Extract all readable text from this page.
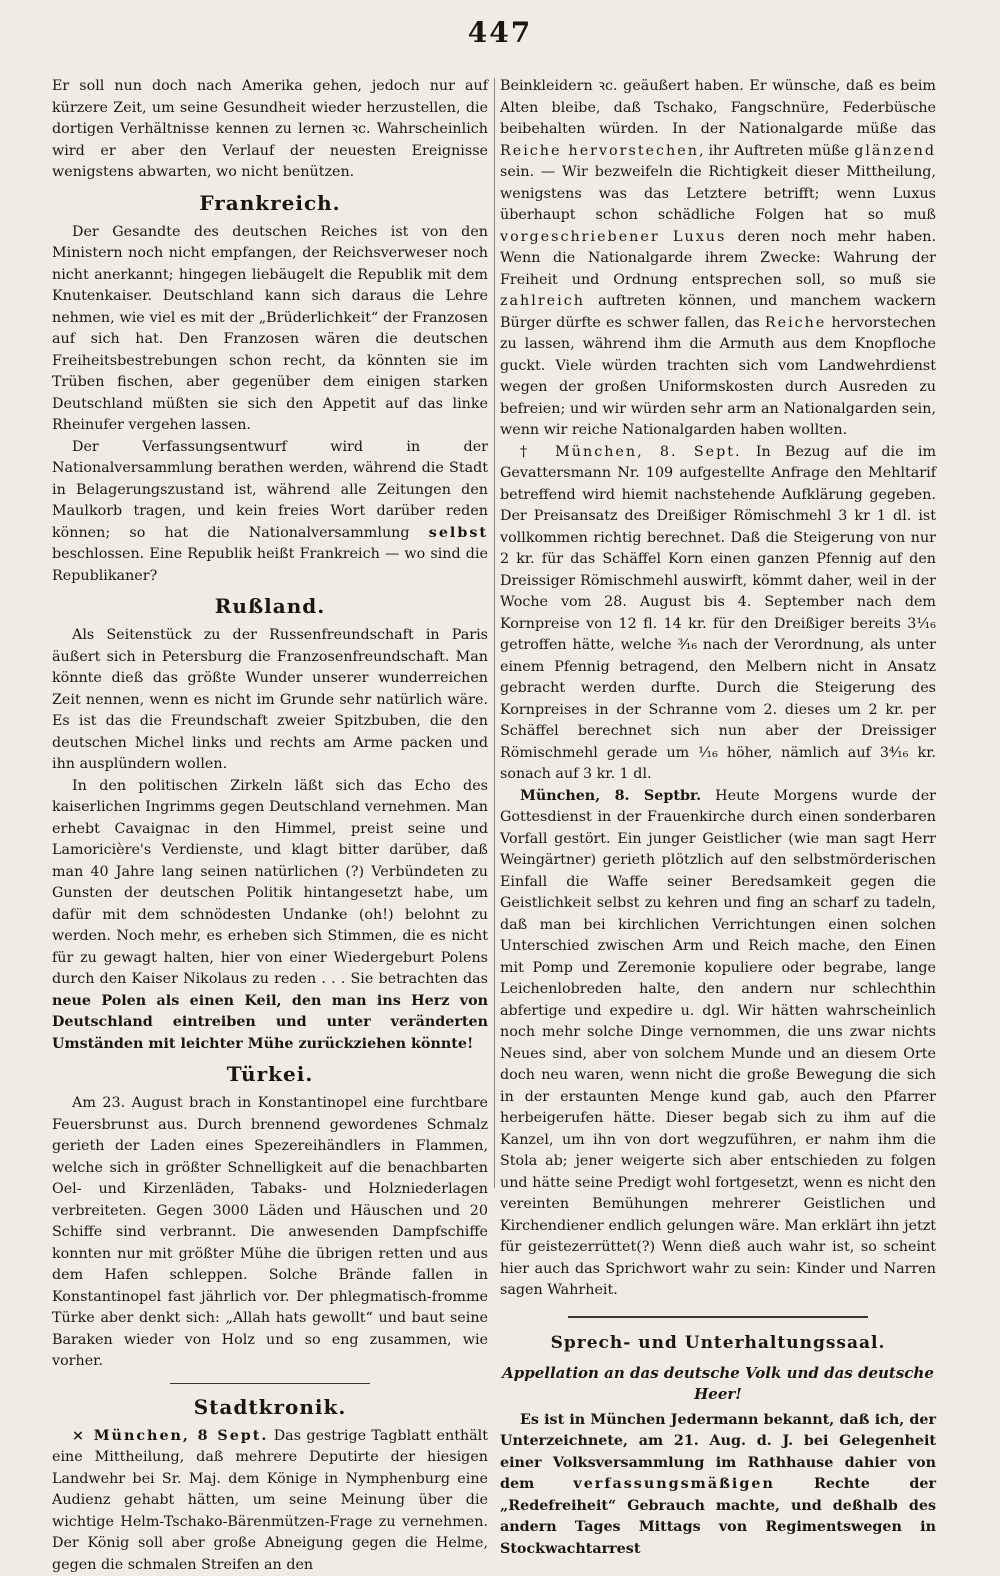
447

Er soll nun doch nach Amerika gehen, jedoch nur auf kürzere Zeit, um seine Gesundheit wieder herzustellen, die dortigen Verhältnisse kennen zu lernen ꝛc. Wahrscheinlich wird er aber den Verlauf der neuesten Ereignisse wenigstens abwarten, wo nicht benützen.

Frankreich.

Der Gesandte des deutschen Reiches ist von den Ministern noch nicht empfangen, der Reichsverweser noch nicht anerkannt; hingegen liebäugelt die Republik mit dem Knutenkaiser. Deutschland kann sich daraus die Lehre nehmen, wie viel es mit der „Brüderlichkeit“ der Franzosen auf sich hat. Den Franzosen wären die deutschen Freiheitsbestrebungen schon recht, da könnten sie im Trüben fischen, aber gegenüber dem einigen starken Deutschland müßten sie sich den Appetit auf das linke Rheinufer vergehen lassen.

Der Verfassungsentwurf wird in der Nationalversammlung berathen werden, während die Stadt in Belagerungszustand ist, während alle Zeitungen den Maulkorb tragen, und kein freies Wort darüber reden können; so hat die Nationalversammlung selbst beschlossen. Eine Republik heißt Frankreich — wo sind die Republikaner?

Rußland.

Als Seitenstück zu der Russenfreundschaft in Paris äußert sich in Petersburg die Franzosenfreundschaft. Man könnte dieß das größte Wunder unserer wunderreichen Zeit nennen, wenn es nicht im Grunde sehr natürlich wäre. Es ist das die Freundschaft zweier Spitzbuben, die den deutschen Michel links und rechts am Arme packen und ihn ausplündern wollen.

In den politischen Zirkeln läßt sich das Echo des kaiserlichen Ingrimms gegen Deutschland vernehmen. Man erhebt Cavaignac in den Himmel, preist seine und Lamoricière's Verdienste, und klagt bitter darüber, daß man 40 Jahre lang seinen natürlichen (?) Verbündeten zu Gunsten der deutschen Politik hintangesetzt habe, um dafür mit dem schnödesten Undanke (oh!) belohnt zu werden. Noch mehr, es erheben sich Stimmen, die es nicht für zu gewagt halten, hier von einer Wiedergeburt Polens durch den Kaiser Nikolaus zu reden . . . Sie betrachten das neue Polen als einen Keil, den man ins Herz von Deutschland eintreiben und unter veränderten Umständen mit leichter Mühe zurückziehen könnte!

Türkei.

Am 23. August brach in Konstantinopel eine furchtbare Feuersbrunst aus. Durch brennend gewordenes Schmalz gerieth der Laden eines Spezereihändlers in Flammen, welche sich in größter Schnelligkeit auf die benachbarten Oel- und Kirzenläden, Tabaks- und Holzniederlagen verbreiteten. Gegen 3000 Läden und Häuschen und 20 Schiffe sind verbrannt. Die anwesenden Dampfschiffe konnten nur mit größter Mühe die übrigen retten und aus dem Hafen schleppen. Solche Brände fallen in Konstantinopel fast jährlich vor. Der phlegmatisch-fromme Türke aber denkt sich: „Allah hats gewollt“ und baut seine Baraken wieder von Holz und so eng zusammen, wie vorher.

Stadtkronik.

⨯ München, 8 Sept. Das gestrige Tagblatt enthält eine Mittheilung, daß mehrere Deputirte der hiesigen Landwehr bei Sr. Maj. dem Könige in Nymphenburg eine Audienz gehabt hätten, um seine Meinung über die wichtige Helm-Tschako-Bärenmützen-Frage zu vernehmen. Der König soll aber große Abneigung gegen die Helme, gegen die schmalen Streifen an den

Beinkleidern ꝛc. geäußert haben. Er wünsche, daß es beim Alten bleibe, daß Tschako, Fangschnüre, Federbüsche beibehalten würden. In der Nationalgarde müße das Reiche hervorstechen, ihr Auftreten müße glänzend sein. — Wir bezweifeln die Richtigkeit dieser Mittheilung, wenigstens was das Letztere betrifft; wenn Luxus überhaupt schon schädliche Folgen hat so muß vorgeschriebener Luxus deren noch mehr haben. Wenn die Nationalgarde ihrem Zwecke: Wahrung der Freiheit und Ordnung entsprechen soll, so muß sie zahlreich auftreten können, und manchem wackern Bürger dürfte es schwer fallen, das Reiche hervorstechen zu lassen, während ihm die Armuth aus dem Knopfloche guckt. Viele würden trachten sich vom Landwehrdienst wegen der großen Uniformskosten durch Ausreden zu befreien; und wir würden sehr arm an Nationalgarden sein, wenn wir reiche Nationalgarden haben wollten.

† München, 8. Sept. In Bezug auf die im Gevattersmann Nr. 109 aufgestellte Anfrage den Mehltarif betreffend wird hiemit nachstehende Aufklärung gegeben. Der Preisansatz des Dreißiger Römischmehl 3 kr 1 dl. ist vollkommen richtig berechnet. Daß die Steigerung von nur 2 kr. für das Schäffel Korn einen ganzen Pfennig auf den Dreissiger Römischmehl auswirft, kömmt daher, weil in der Woche vom 28. August bis 4. September nach dem Kornpreise von 12 fl. 14 kr. für den Dreißiger bereits 3⅟₁₆ getroffen hätte, welche ³⁄₁₆ nach der Verordnung, als unter einem Pfennig betragend, den Melbern nicht in Ansatz gebracht werden durfte. Durch die Steigerung des Kornpreises in der Schranne vom 2. dieses um 2 kr. per Schäffel berechnet sich nun aber der Dreissiger Römischmehl gerade um ¹⁄₁₆ höher, nämlich auf 3⁴⁄₁₆ kr. sonach auf 3 kr. 1 dl.

München, 8. Septbr. Heute Morgens wurde der Gottesdienst in der Frauenkirche durch einen sonderbaren Vorfall gestört. Ein junger Geistlicher (wie man sagt Herr Weingärtner) gerieth plötzlich auf den selbstmörderischen Einfall die Waffe seiner Beredsamkeit gegen die Geistlichkeit selbst zu kehren und fing an scharf zu tadeln, daß man bei kirchlichen Verrichtungen einen solchen Unterschied zwischen Arm und Reich mache, den Einen mit Pomp und Zeremonie kopuliere oder begrabe, lange Leichenlobreden halte, den andern nur schlechthin abfertige und expedire u. dgl. Wir hätten wahrscheinlich noch mehr solche Dinge vernommen, die uns zwar nichts Neues sind, aber von solchem Munde und an diesem Orte doch neu waren, wenn nicht die große Bewegung die sich in der erstaunten Menge kund gab, auch den Pfarrer herbeigerufen hätte. Dieser begab sich zu ihm auf die Kanzel, um ihn von dort wegzuführen, er nahm ihm die Stola ab; jener weigerte sich aber entschieden zu folgen und hätte seine Predigt wohl fortgesetzt, wenn es nicht den vereinten Bemühungen mehrerer Geistlichen und Kirchendiener endlich gelungen wäre. Man erklärt ihn jetzt für geistezerrüttet(?) Wenn dieß auch wahr ist, so scheint hier auch das Sprichwort wahr zu sein: Kinder und Narren sagen Wahrheit.

Sprech- und Unterhaltungssaal.
Appellation an das deutsche Volk und das deutsche Heer!

Es ist in München Jedermann bekannt, daß ich, der Unterzeichnete, am 21. Aug. d. J. bei Gelegenheit einer Volksversammlung im Rathhause dahier von dem	verfassungsmäßigen	Rechte der „Redefreiheit“ Gebrauch machte, und deßhalb des andern Tages Mittags von Regimentswegen in Stockwachtarrest
